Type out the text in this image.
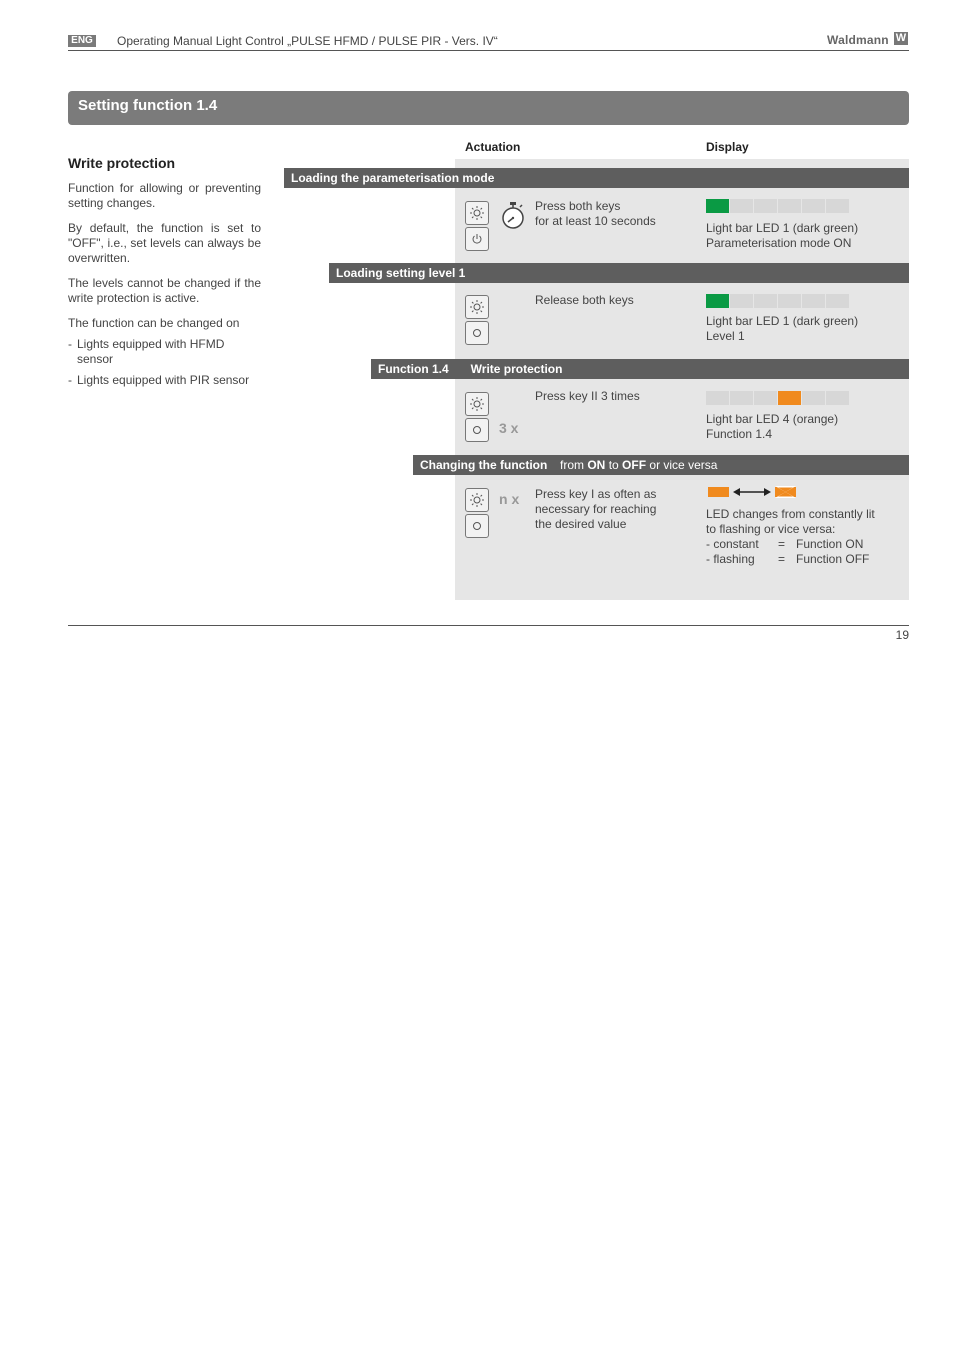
ENG Operating Manual Light Control „PULSE HFMD / PULSE PIR - Vers. IV“	Waldmann W
Setting function 1.4
Write protection

Function for allowing or preventing setting changes.

By default, the function is set to "OFF", i.e., set levels can always be overwritten.

The levels cannot be changed if the write protection is active.

The function can be changed on

- Lights equipped with HFMD sensor
- Lights equipped with PIR sensor
Actuation	Display
Loading the parameterisation mode
Press both keys
for at least 10 seconds	Light bar LED 1 (dark green)
Parameterisation mode ON
Loading setting level 1
Release both keys
Light bar LED 1 (dark green)
Level 1
Function 1.4 Write protection
3 x
Press key II 3 times
Light bar LED 4 (orange)
Function 1.4
Changing the function from ON to OFF or vice versa
n x Press key I as often as
necessary for reaching
the desired value
LED changes from constantly lit
to flashing or vice versa:
- constant	= Function ON
- flashing	= Function OFF
19
